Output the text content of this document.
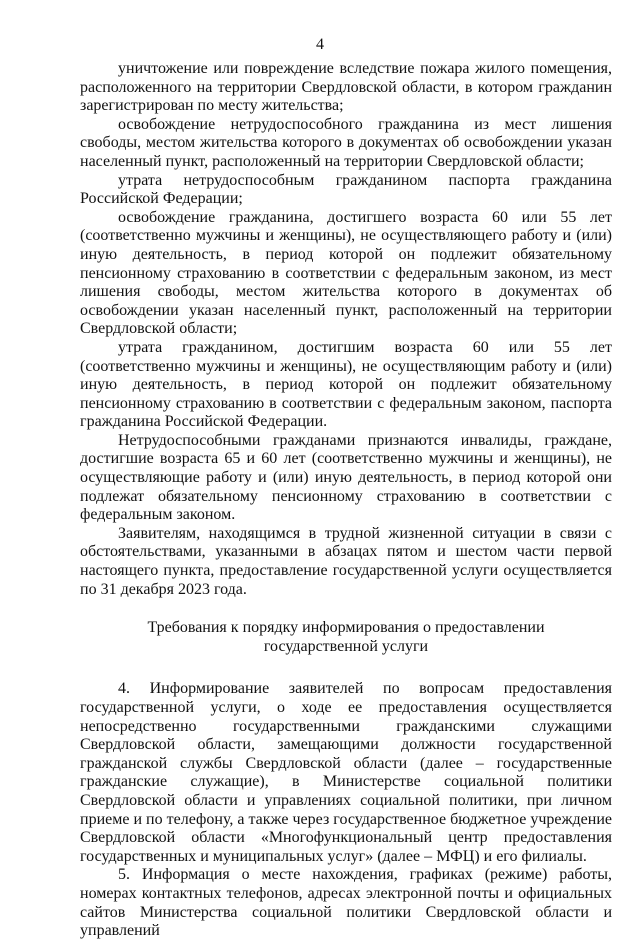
4

уничтожение или повреждение вследствие пожара жилого помещения, расположенного на территории Свердловской области, в котором гражданин зарегистрирован по месту жительства;

освобождение нетрудоспособного гражданина из мест лишения свободы, местом жительства которого в документах об освобождении указан населенный пункт, расположенный на территории Свердловской области;

утрата нетрудоспособным гражданином паспорта гражданина Российской Федерации;

освобождение гражданина, достигшего возраста 60 или 55 лет (соответственно мужчины и женщины), не осуществляющего работу и (или) иную деятельность, в период которой он подлежит обязательному пенсионному страхованию в соответствии с федеральным законом, из мест лишения свободы, местом жительства которого в документах об освобождении указан населенный пункт, расположенный на территории Свердловской области;

утрата гражданином, достигшим возраста 60 или 55 лет (соответственно мужчины и женщины), не осуществляющим работу и (или) иную деятельность, в период которой он подлежит обязательному пенсионному страхованию в соответствии с федеральным законом, паспорта гражданина Российской Федерации.

Нетрудоспособными гражданами признаются инвалиды, граждане, достигшие возраста 65 и 60 лет (соответственно мужчины и женщины), не осуществляющие работу и (или) иную деятельность, в период которой они подлежат обязательному пенсионному страхованию в соответствии с федеральным законом.

Заявителям, находящимся в трудной жизненной ситуации в связи с обстоятельствами, указанными в абзацах пятом и шестом части первой настоящего пункта, предоставление государственной услуги осуществляется по 31 декабря 2023 года.

Требования к порядку информирования о предоставлении
государственной услуги

4. Информирование заявителей по вопросам предоставления государственной услуги, о ходе ее предоставления осуществляется непосредственно государственными гражданскими служащими Свердловской области, замещающими должности государственной гражданской службы Свердловской области (далее – государственные гражданские служащие), в Министерстве социальной политики Свердловской области и управлениях социальной политики, при личном приеме и по телефону, а также через государственное бюджетное учреждение Свердловской области «Многофункциональный центр предоставления государственных и муниципальных услуг» (далее – МФЦ) и его филиалы.

5. Информация о месте нахождения, графиках (режиме) работы, номерах контактных телефонов, адресах электронной почты и официальных сайтов Министерства социальной политики Свердловской области и управлений
